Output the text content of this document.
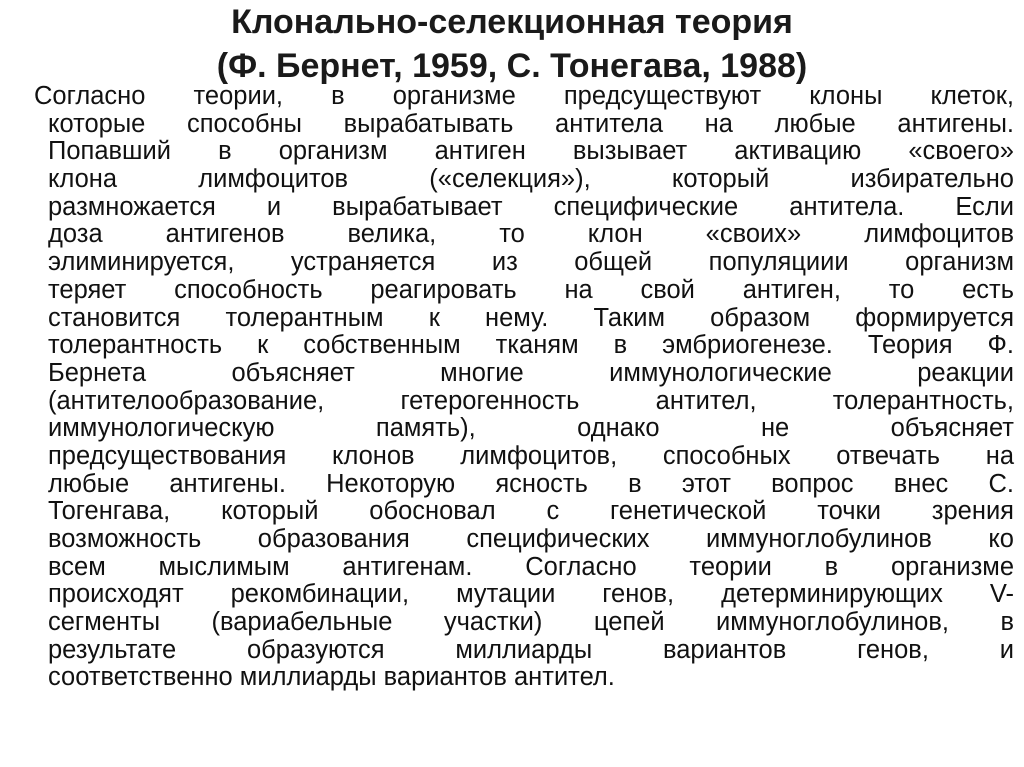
Клонально-селекционная теория
Согласно теории, в организме предсуществуют клоны клеток,
которые способны вырабатывать антитела на любые антигены.
Попавший в организм антиген вызывает активацию «своего»
клона лимфоцитов («селекция»), который избирательно
размножается и вырабатывает специфические антитела. Если
доза антигенов велика, то клон «своих» лимфоцитов
элиминируется, устраняется из общей популяциии организм
теряет способность реагировать на свой антиген, то есть
становится толерантным к нему. Таким образом формируется
толерантность к собственным тканям в эмбриогенезе. Теория Ф.
Бернета объясняет многие иммунологические реакции
(антителообразование, гетерогенность антител, толерантность,
иммунологическую память), однако не объясняет
предсуществования клонов лимфоцитов, способных отвечать на
любые антигены. Некоторую ясность в этот вопрос внес С.
Тогенгава, который обосновал с генетической точки зрения
возможность образования специфических иммуноглобулинов ко
всем мыслимым антигенам. Согласно теории в организме
происходят рекомбинации, мутации генов, детерминирующих V-
сегменты (вариабельные участки) цепей иммуноглобулинов, в
результате образуются миллиарды вариантов генов, и
соответственно миллиарды вариантов антител.
(Ф. Бернет, 1959, С. Тонегава, 1988)
